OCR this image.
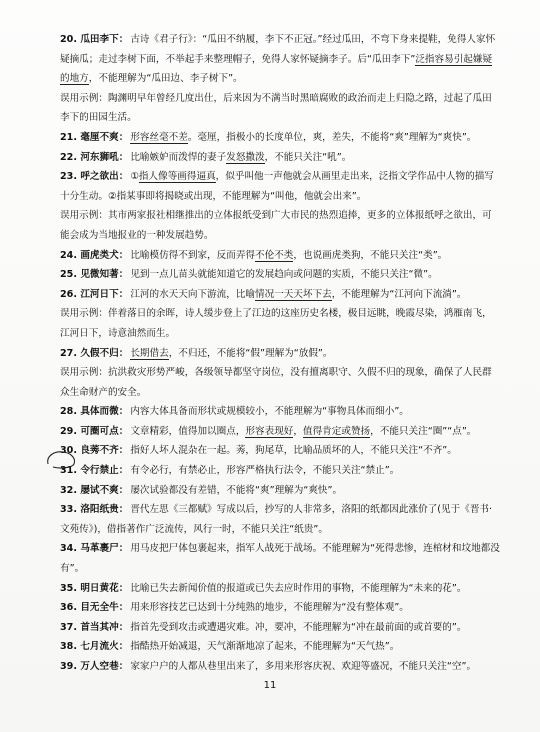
20. 瓜田李下： 古诗《君子行》：“瓜田不纳履，李下不正冠。”经过瓜田，不弯下身来提鞋，免得人家怀疑摘瓜；走过李树下面，不举起手来整理帽子，免得人家怀疑摘李子。后“瓜田李下”泛指容易引起嫌疑的地方，不能理解为“瓜田边、李子树下”。
误用示例：陶渊明早年曾经几度出仕，后来因为不满当时黑暗腐败的政治而走上归隐之路，过起了瓜田李下的田园生活。
21. 毫厘不爽： 形容丝毫不差。毫厘，指极小的长度单位，爽，差失，不能将“爽”理解为“爽快”。
22. 河东狮吼： 比喻嫉妒而泼悍的妻子发怒撒泼，不能只关注“吼”。
23. 呼之欲出： ①指人像等画得逼真，似乎叫他一声他就会从画里走出来，泛指文学作品中人物的描写十分生动。②指某事即将揭晓或出现，不能理解为“叫他，他就会出来”。
误用示例：其市两家报社相继推出的立体报纸受到广大市民的热烈追捧，更多的立体报纸呼之欲出，可能会成为当地报业的一种发展趋势。
24. 画虎类犬： 比喻模仿得不到家，反而弄得不伦不类，也说画虎类狗，不能只关注“类”。
25. 见微知著： 见到一点儿苗头就能知道它的发展趋向或问题的实质，不能只关注“微”。
26. 江河日下： 江河的水天天向下游流，比喻情况一天天坏下去，不能理解为“江河向下流淌”。
误用示例：伴着落日的余晖，诗人缓步登上了江边的这座历史名楼，极目远眺，晚霞尽染，鸿雁南飞，江河日下，诗意油然而生。
27. 久假不归： 长期借去，不归还，不能将“假”理解为“放假”。
误用示例：抗洪救灾形势严峻，各级领导都坚守岗位，没有擅离职守、久假不归的现象，确保了人民群众生命财产的安全。
28. 具体而微： 内容大体具备而形状或规模较小，不能理解为“事物具体而细小”。
29. 可圈可点： 文章精彩，值得加以圈点，形容表现好，值得肯定或赞扬，不能只关注“圈”“点”。
30. 良莠不齐： 指好人坏人混杂在一起。莠，狗尾草，比喻品质坏的人，不能只关注“不齐”。
31. 令行禁止： 有令必行，有禁必止，形容严格执行法令，不能只关注“禁止”。
32. 屡试不爽： 屡次试验都没有差错，不能将“爽”理解为“爽快”。
33. 洛阳纸贵： 晋代左思《三都赋》写成以后，抄写的人非常多，洛阳的纸都因此涨价了(见于《晋书·文苑传》)，借指著作广泛流传，风行一时，不能只关注“纸贵”。
34. 马革裹尸： 用马皮把尸体包裹起来，指军人战死于战场。不能理解为“死得悲惨，连棺材和坟地都没有”。
35. 明日黄花： 比喻已失去新闻价值的报道或已失去应时作用的事物，不能理解为“未来的花”。
36. 目无全牛： 用来形容技艺已达到十分纯熟的地步，不能理解为“没有整体观”。
37. 首当其冲： 指首先受到攻击或遭遇灾难。冲，要冲，不能理解为“冲在最前面的或首要的”。
38. 七月流火： 指酷热开始减退，天气渐渐地凉了起来，不能理解为“天气热”。
39. 万人空巷： 家家户户的人都从巷里出来了，多用来形容庆祝、欢迎等盛况，不能只关注“空”。
11
